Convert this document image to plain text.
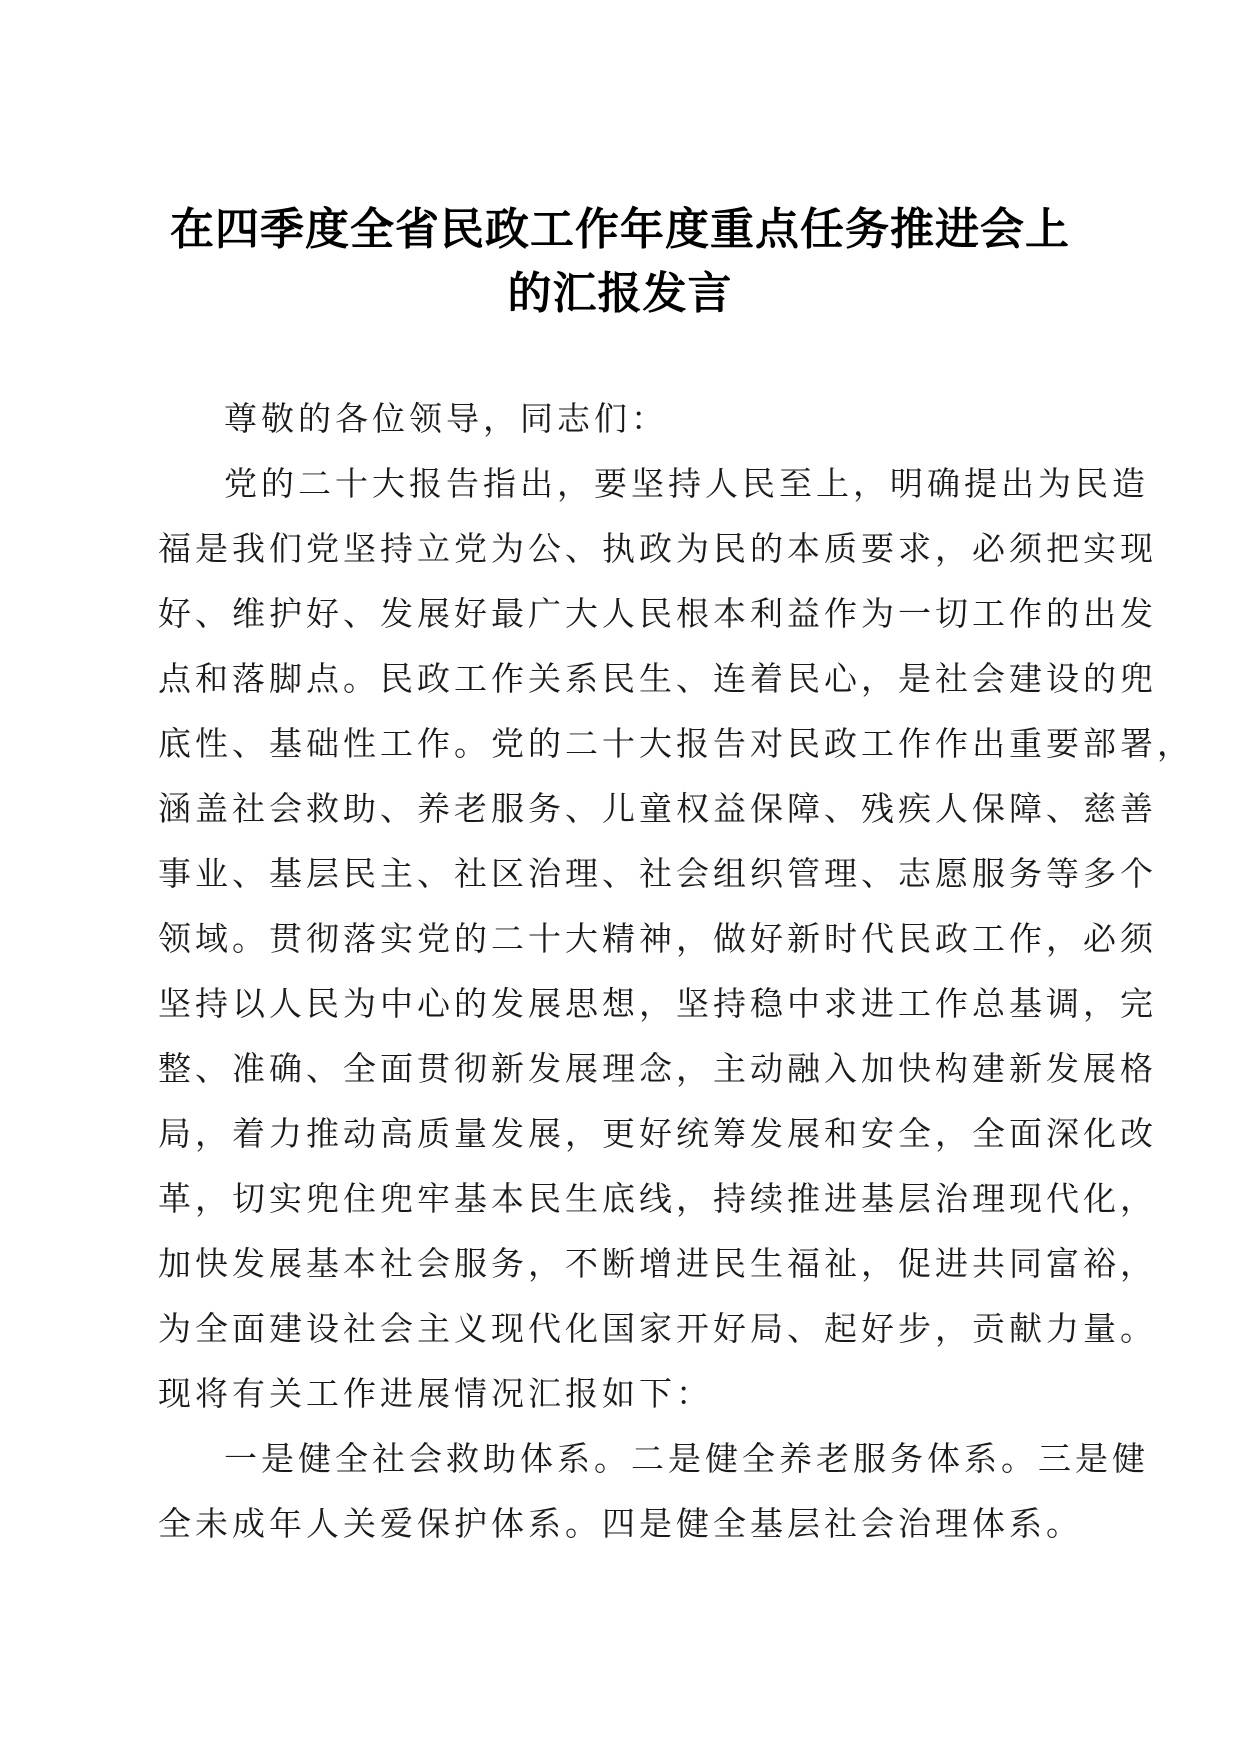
在四季度全省民政工作年度重点任务推进会上
的汇报发言

尊敬的各位领导，同志们：

党的二十大报告指出，要坚持人民至上，明确提出为民造
福是我们党坚持立党为公、执政为民的本质要求，必须把实现
好、维护好、发展好最广大人民根本利益作为一切工作的出发
点和落脚点。民政工作关系民生、连着民心，是社会建设的兜
底性、基础性工作。党的二十大报告对民政工作作出重要部署，
涵盖社会救助、养老服务、儿童权益保障、残疾人保障、慈善
事业、基层民主、社区治理、社会组织管理、志愿服务等多个
领域。贯彻落实党的二十大精神，做好新时代民政工作，必须
坚持以人民为中心的发展思想，坚持稳中求进工作总基调，完
整、准确、全面贯彻新发展理念，主动融入加快构建新发展格
局，着力推动高质量发展，更好统筹发展和安全，全面深化改
革，切实兜住兜牢基本民生底线，持续推进基层治理现代化，
加快发展基本社会服务，不断增进民生福祉，促进共同富裕，
为全面建设社会主义现代化国家开好局、起好步，贡献力量。
现将有关工作进展情况汇报如下：

一是健全社会救助体系。二是健全养老服务体系。三是健
全未成年人关爱保护体系。四是健全基层社会治理体系。
